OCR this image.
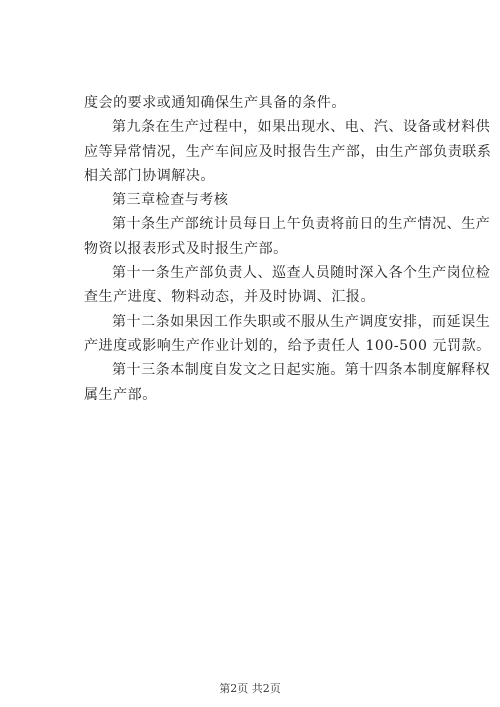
度会的要求或通知确保生产具备的条件。
第九条在生产过程中，如果出现水、电、汽、设备或材料供
应等异常情况，生产车间应及时报告生产部，由生产部负责联系
相关部门协调解决。
第三章检查与考核
第十条生产部统计员每日上午负责将前日的生产情况、生产
物资以报表形式及时报生产部。
第十一条生产部负责人、巡查人员随时深入各个生产岗位检
查生产进度、物料动态，并及时协调、汇报。
第十二条如果因工作失职或不服从生产调度安排，而延误生
产进度或影响生产作业计划的，给予责任人 100-500 元罚款。
第十三条本制度自发文之日起实施。第十四条本制度解释权
属生产部。
第2页 共2页
